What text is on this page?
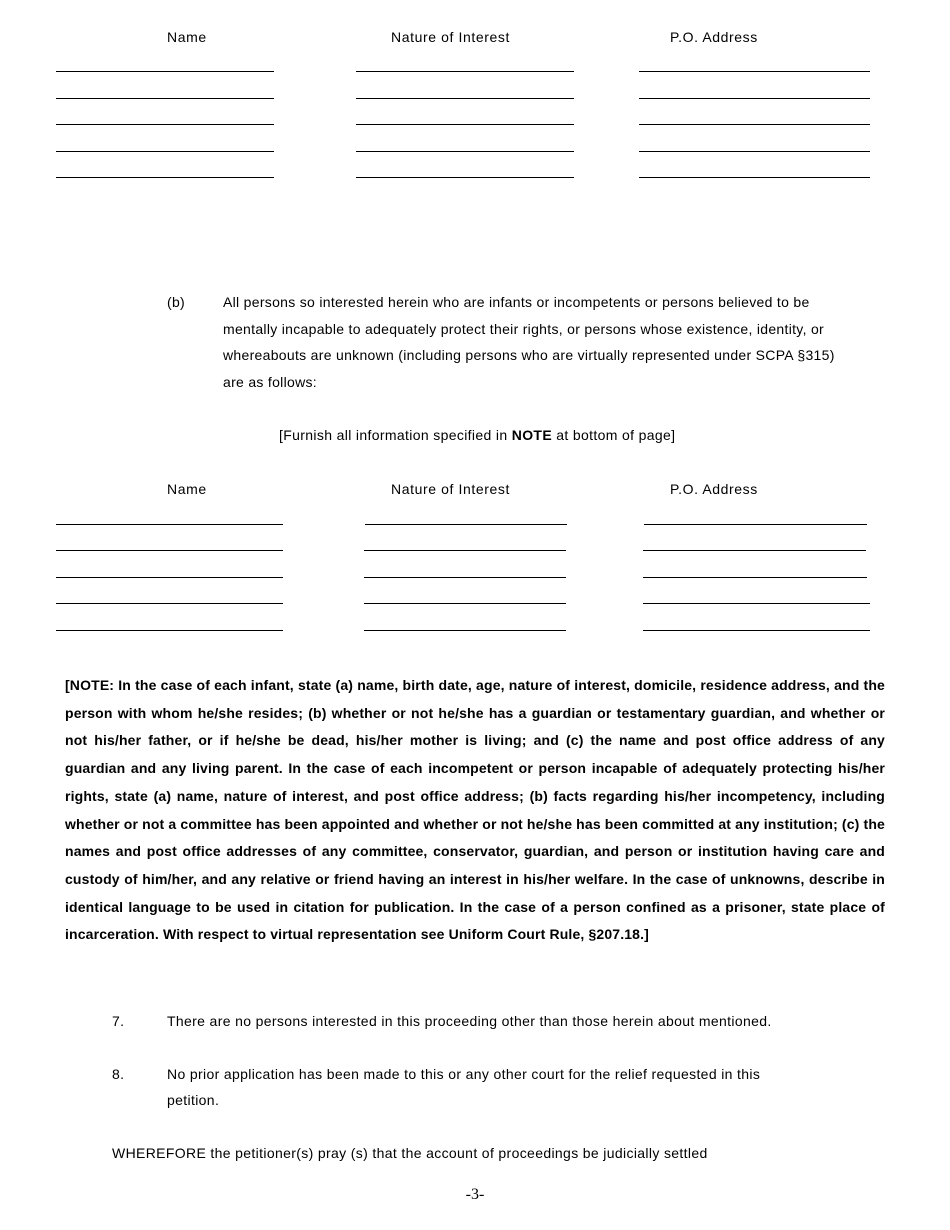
Name	Nature of Interest	P.O. Address
(b)	All persons so interested herein who are infants or incompetents or persons believed to be
mentally incapable to adequately protect their rights, or persons whose existence, identity, or
whereabouts are unknown (including persons who are virtually represented under SCPA §315)
are as follows:
[Furnish all information specified in NOTE at bottom of page]
Name	Nature of Interest	P.O. Address
[NOTE: In the case of each infant, state (a) name, birth date, age, nature of interest, domicile, residence address, and the person with whom he/she resides; (b) whether or not he/she has a guardian or testamentary guardian, and whether or not his/her father, or if he/she be dead, his/her mother is living; and (c) the name and post office address of any guardian and any living parent. In the case of each incompetent or person incapable of adequately protecting his/her rights, state (a) name, nature of interest, and post office address; (b) facts regarding his/her incompetency, including whether or not a committee has been appointed and whether or not he/she has been committed at any institution; (c) the names and post office addresses of any committee, conservator, guardian, and person or institution having care and custody of him/her, and any relative or friend having an interest in his/her welfare. In the case of unknowns, describe in identical language to be used in citation for publication. In the case of a person confined as a prisoner, state place of incarceration. With respect to virtual representation see Uniform Court Rule, §207.18.]
7.	There are no persons interested in this proceeding other than those herein about mentioned.
8.	No prior application has been made to this or any other court for the relief requested in this
petition.
WHEREFORE the petitioner(s) pray (s) that the account of proceedings be judicially settled
-3-
